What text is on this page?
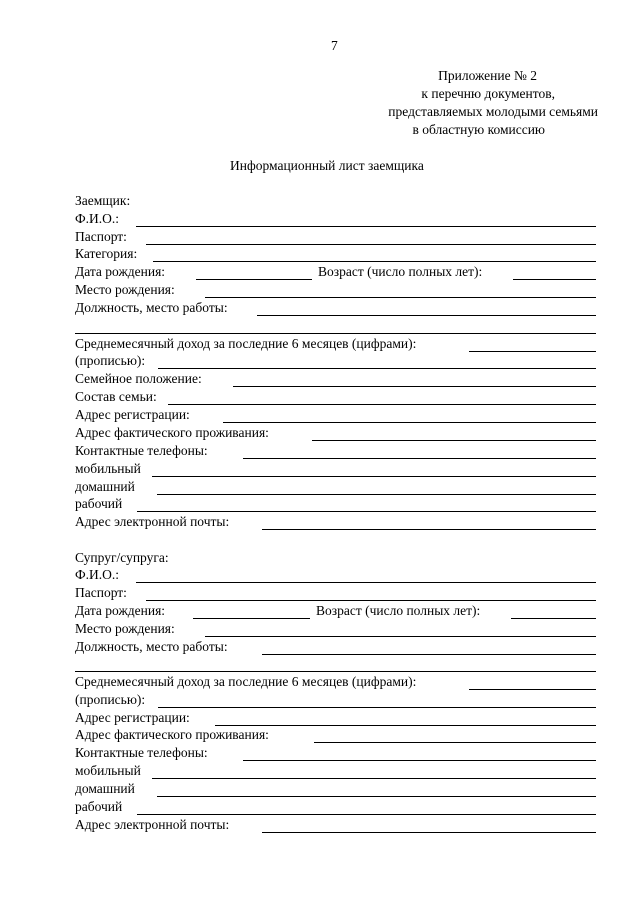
7
Приложение № 2
к перечню документов,
представляемых молодыми семьями
в областную комиссию
Информационный лист заемщика
Заемщик:
Ф.И.О.:
Паспорт:
Категория:
Дата рождения:	Возраст (число полных лет):
Место рождения:
Должность, место работы:
Среднемесячный доход за последние 6 месяцев (цифрами):
(прописью):
Семейное положение:
Состав семьи:
Адрес регистрации:
Адрес фактического проживания:
Контактные телефоны:
мобильный
домашний
рабочий
Адрес электронной почты:
Супруг/супруга:
Ф.И.О.:
Паспорт:
Дата рождения:	Возраст (число полных лет):
Место рождения:
Должность, место работы:
Среднемесячный доход за последние 6 месяцев (цифрами):
(прописью):
Адрес регистрации:
Адрес фактического проживания:
Контактные телефоны:
мобильный
домашний
рабочий
Адрес электронной почты:
